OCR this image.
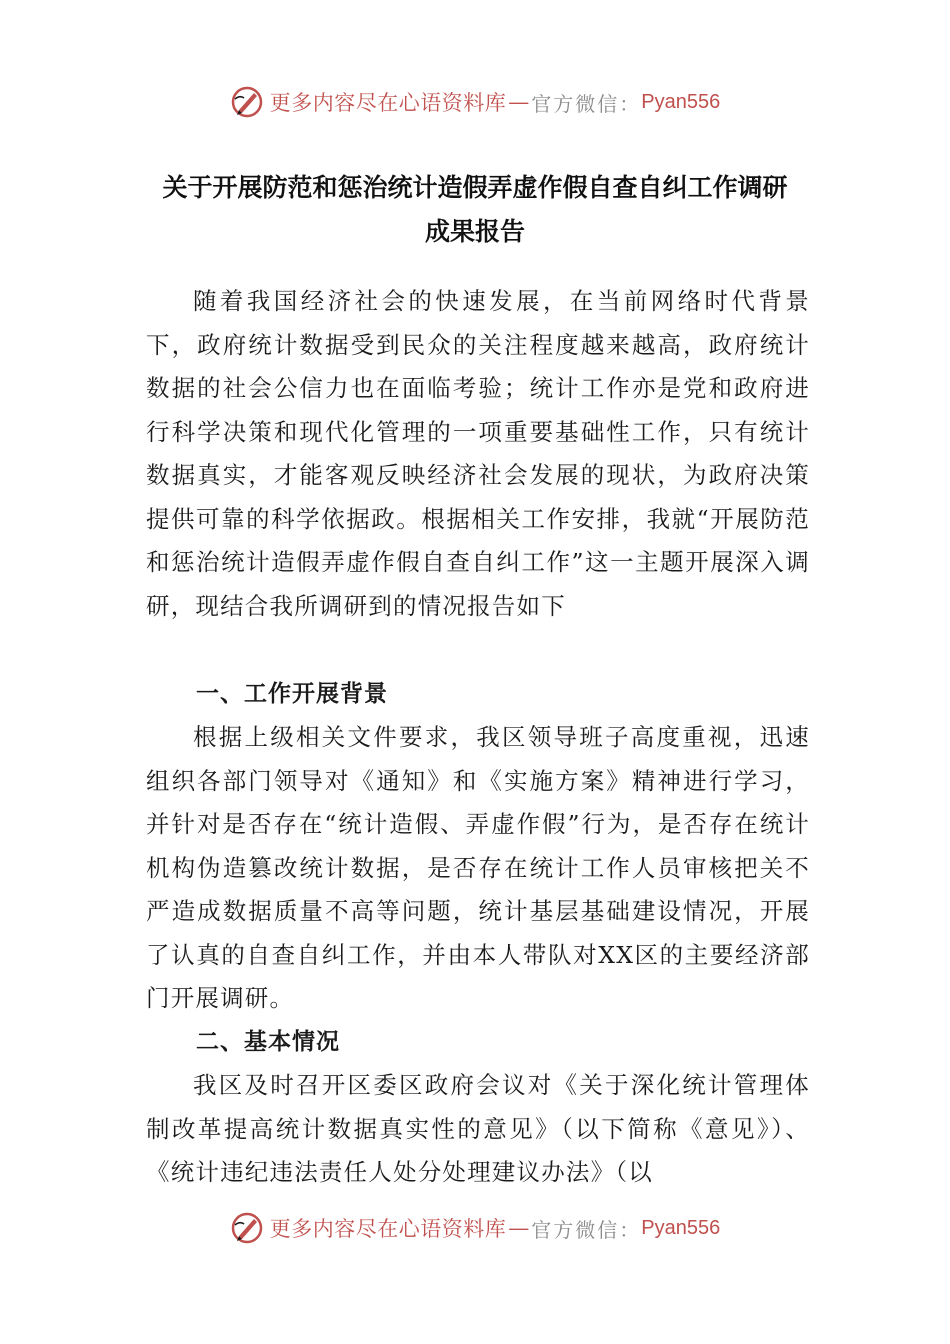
更多内容尽在心语资料库 — 官方微信： Pyan556
关于开展防范和惩治统计造假弄虚作假自查自纠工作调研
成果报告

随着我国经济社会的快速发展，在当前网络时代背景下，政府统计数据受到民众的关注程度越来越高，政府统计数据的社会公信力也在面临考验；统计工作亦是党和政府进行科学决策和现代化管理的一项重要基础性工作，只有统计数据真实，才能客观反映经济社会发展的现状，为政府决策提供可靠的科学依据政。根据相关工作安排，我就“开展防范和惩治统计造假弄虚作假自查自纠工作”这一主题开展深入调研，现结合我所调研到的情况报告如下

一、工作开展背景

根据上级相关文件要求，我区领导班子高度重视，迅速组织各部门领导对《通知》和《实施方案》精神进行学习，并针对是否存在“统计造假、弄虚作假”行为，是否存在统计机构伪造篡改统计数据，是否存在统计工作人员审核把关不严造成数据质量不高等问题，统计基层基础建设情况，开展了认真的自查自纠工作，并由本人带队对XX区的主要经济部门开展调研。

二、基本情况

我区及时召开区委区政府会议对《关于深化统计管理体制改革提高统计数据真实性的意见》（以下简称《意见》）、《统计违纪违法责任人处分处理建议办法》（以

更多内容尽在心语资料库 — 官方微信： Pyan556
